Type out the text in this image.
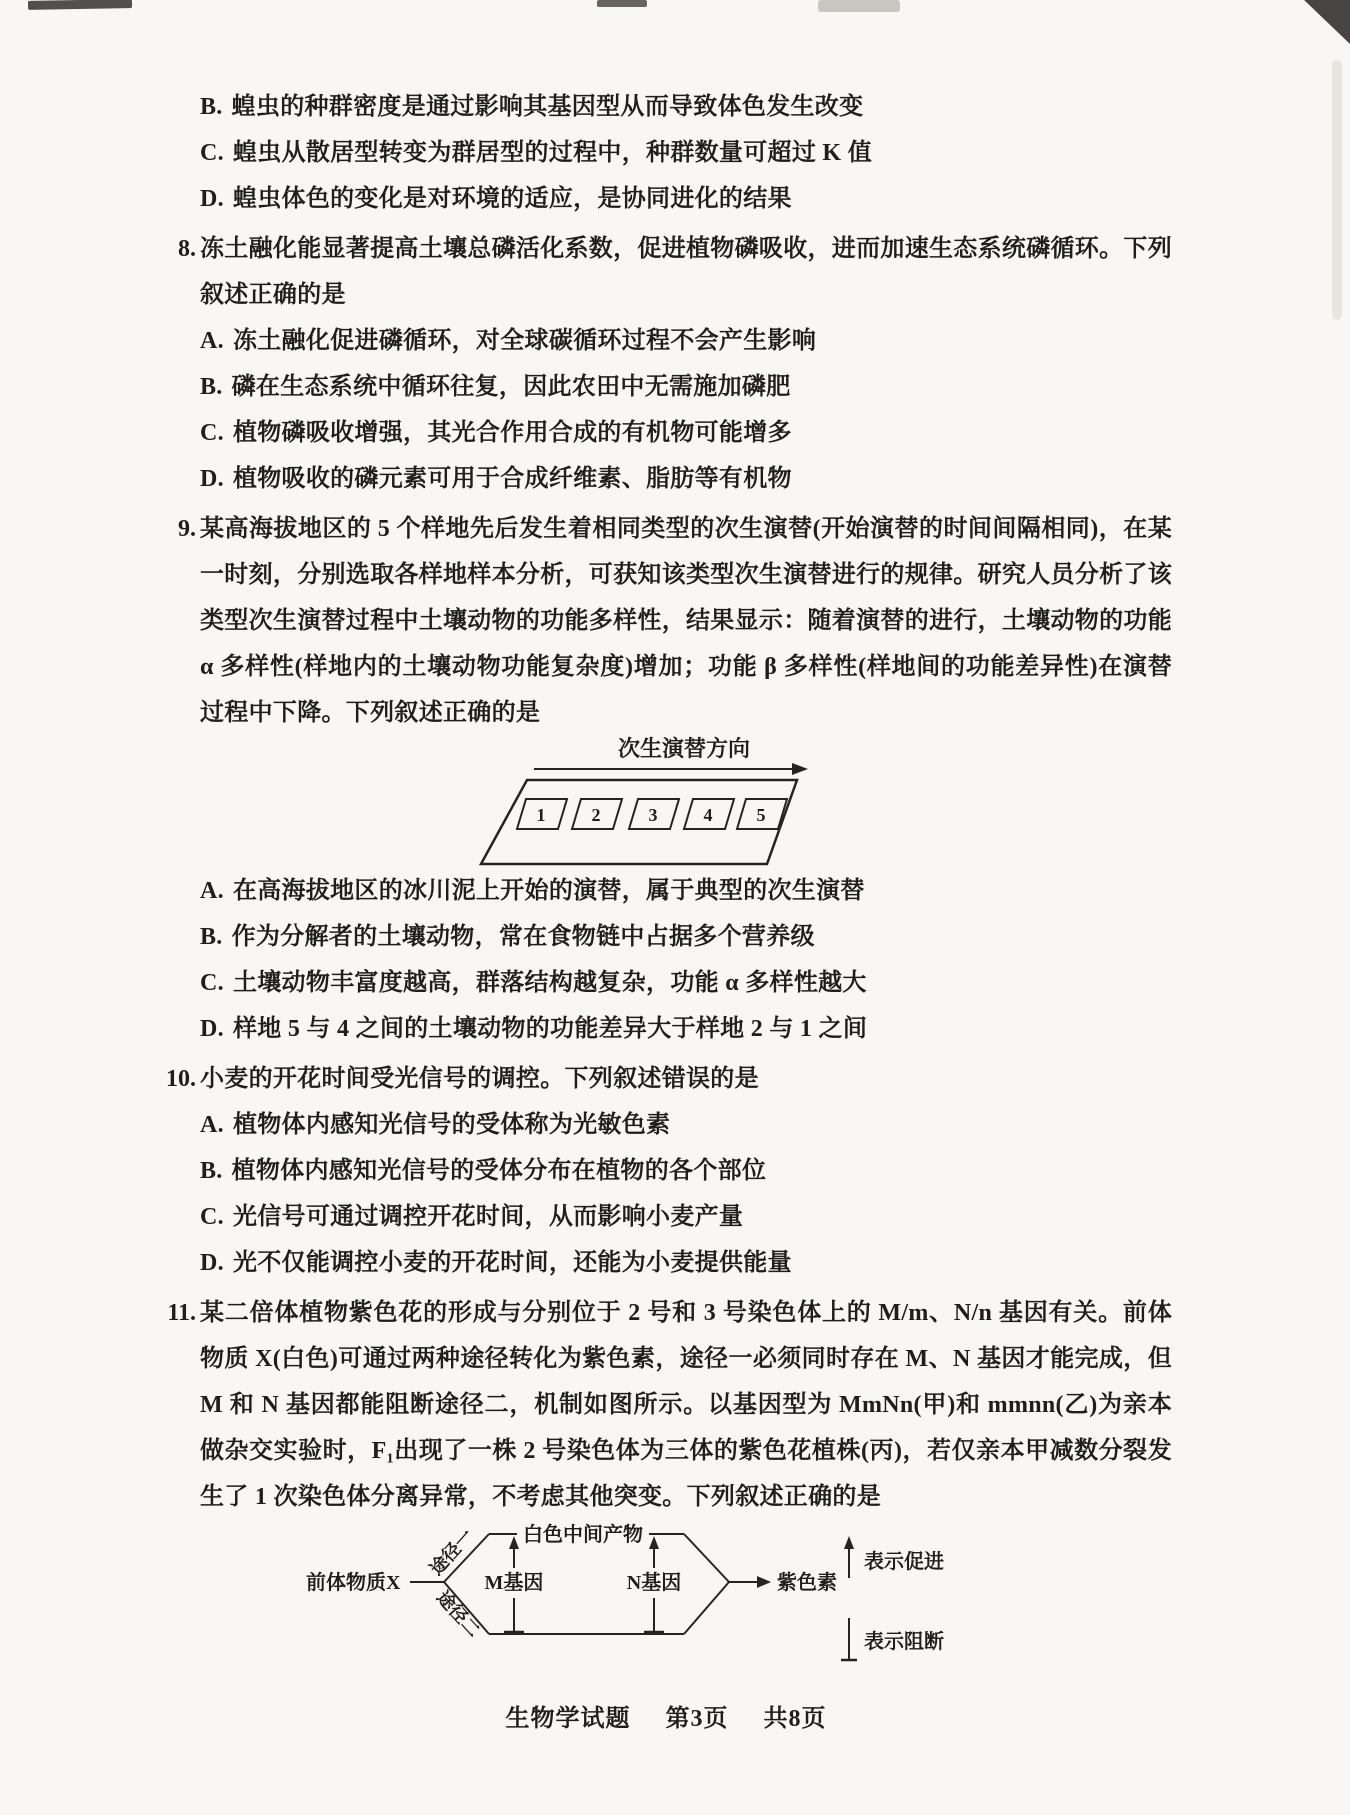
B. 蝗虫的种群密度是通过影响其基因型从而导致体色发生改变
C. 蝗虫从散居型转变为群居型的过程中，种群数量可超过 K 值
D. 蝗虫体色的变化是对环境的适应，是协同进化的结果
8. 冻土融化能显著提高土壤总磷活化系数，促进植物磷吸收，进而加速生态系统磷循环。下列叙述正确的是
A. 冻土融化促进磷循环，对全球碳循环过程不会产生影响
B. 磷在生态系统中循环往复，因此农田中无需施加磷肥
C. 植物磷吸收增强，其光合作用合成的有机物可能增多
D. 植物吸收的磷元素可用于合成纤维素、脂肪等有机物
9. 某高海拔地区的 5 个样地先后发生着相同类型的次生演替(开始演替的时间间隔相同)，在某一时刻，分别选取各样地样本分析，可获知该类型次生演替进行的规律。研究人员分析了该类型次生演替过程中土壤动物的功能多样性，结果显示：随着演替的进行，土壤动物的功能 α 多样性(样地内的土壤动物功能复杂度)增加；功能 β 多样性(样地间的功能差异性)在演替过程中下降。下列叙述正确的是
次生演替方向
1	2	3	4 5
A. 在高海拔地区的冰川泥上开始的演替，属于典型的次生演替
B. 作为分解者的土壤动物，常在食物链中占据多个营养级
C. 土壤动物丰富度越高，群落结构越复杂，功能 α 多样性越大
D. 样地 5 与 4 之间的土壤动物的功能差异大于样地 2 与 1 之间
10. 小麦的开花时间受光信号的调控。下列叙述错误的是
A. 植物体内感知光信号的受体称为光敏色素
B. 植物体内感知光信号的受体分布在植物的各个部位
C. 光信号可通过调控开花时间，从而影响小麦产量
D. 光不仅能调控小麦的开花时间，还能为小麦提供能量
11. 某二倍体植物紫色花的形成与分别位于 2 号和 3 号染色体上的 M/m、N/n 基因有关。前体物质 X(白色)可通过两种途径转化为紫色素，途径一必须同时存在 M、N 基因才能完成，但 M 和 N 基因都能阻断途径二，机制如图所示。以基因型为 MmNn(甲)和 mmnn(乙)为亲本做杂交实验时，F₁出现了一株 2 号染色体为三体的紫色花植株(丙)，若仅亲本甲减数分裂发生了 1 次染色体分离异常，不考虑其他突变。下列叙述正确的是
前体物质X
途径一
途径二
白色中间产物
M基因	N基因	紫色素
表示促进
表示阻断
生物学试题 第3页 共8页
